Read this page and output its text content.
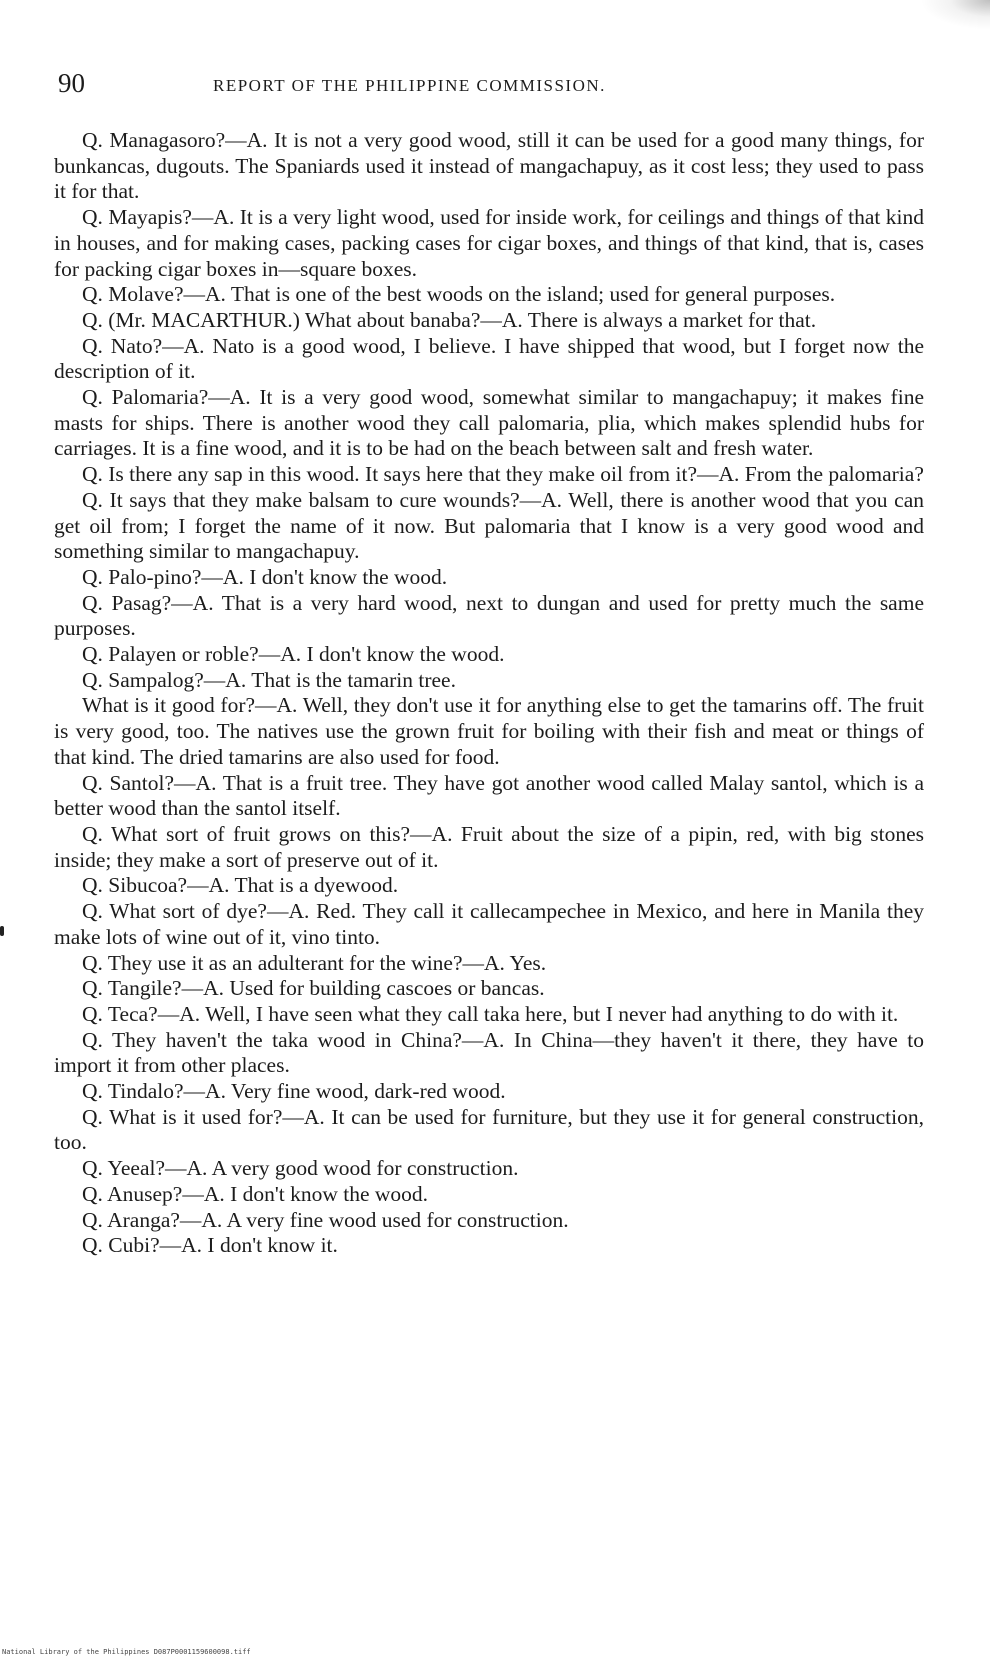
90	REPORT OF THE PHILIPPINE COMMISSION.

Q. Managasoro?—A. It is not a very good wood, still it can be used for a good many things, for bunkancas, dugouts. The Spaniards used it instead of mangachapuy, as it cost less; they used to pass it for that.

Q. Mayapis?—A. It is a very light wood, used for inside work, for ceilings and things of that kind in houses, and for making cases, packing cases for cigar boxes, and things of that kind, that is, cases for packing cigar boxes in—square boxes.

Q. Molave?—A. That is one of the best woods on the island; used for general purposes.

Q. (Mr. MACARTHUR.) What about banaba?—A. There is always a market for that.

Q. Nato?—A. Nato is a good wood, I believe. I have shipped that wood, but I forget now the description of it.

Q. Palomaria?—A. It is a very good wood, somewhat similar to mangachapuy; it makes fine masts for ships. There is another wood they call palomaria, plia, which makes splendid hubs for carriages. It is a fine wood, and it is to be had on the beach between salt and fresh water.

Q. Is there any sap in this wood. It says here that they make oil from it?—A. From the palomaria?

Q. It says that they make balsam to cure wounds?—A. Well, there is another wood that you can get oil from; I forget the name of it now. But palomaria that I know is a very good wood and something similar to mangachapuy.

Q. Palo-pino?—A. I don't know the wood.

Q. Pasag?—A. That is a very hard wood, next to dungan and used for pretty much the same purposes.

Q. Palayen or roble?—A. I don't know the wood.

Q. Sampalog?—A. That is the tamarin tree.

What is it good for?—A. Well, they don't use it for anything else to get the tamarins off. The fruit is very good, too. The natives use the grown fruit for boiling with their fish and meat or things of that kind. The dried tamarins are also used for food.

Q. Santol?—A. That is a fruit tree. They have got another wood called Malay santol, which is a better wood than the santol itself.

Q. What sort of fruit grows on this?—A. Fruit about the size of a pipin, red, with big stones inside; they make a sort of preserve out of it.

Q. Sibucoa?—A. That is a dyewood.

Q. What sort of dye?—A. Red. They call it callecampechee in Mexico, and here in Manila they make lots of wine out of it, vino tinto.

Q. They use it as an adulterant for the wine?—A. Yes.

Q. Tangile?—A. Used for building cascoes or bancas.

Q. Teca?—A. Well, I have seen what they call taka here, but I never had anything to do with it.

Q. They haven't the taka wood in China?—A. In China—they haven't it there, they have to import it from other places.

Q. Tindalo?—A. Very fine wood, dark-red wood.

Q. What is it used for?—A. It can be used for furniture, but they use it for general construction, too.

Q. Yeeal?—A. A very good wood for construction.

Q. Anusep?—A. I don't know the wood.

Q. Aranga?—A. A very fine wood used for construction.

Q. Cubi?—A. I don't know it.

National Library of the Philippines D087P0001159600098.tiff
